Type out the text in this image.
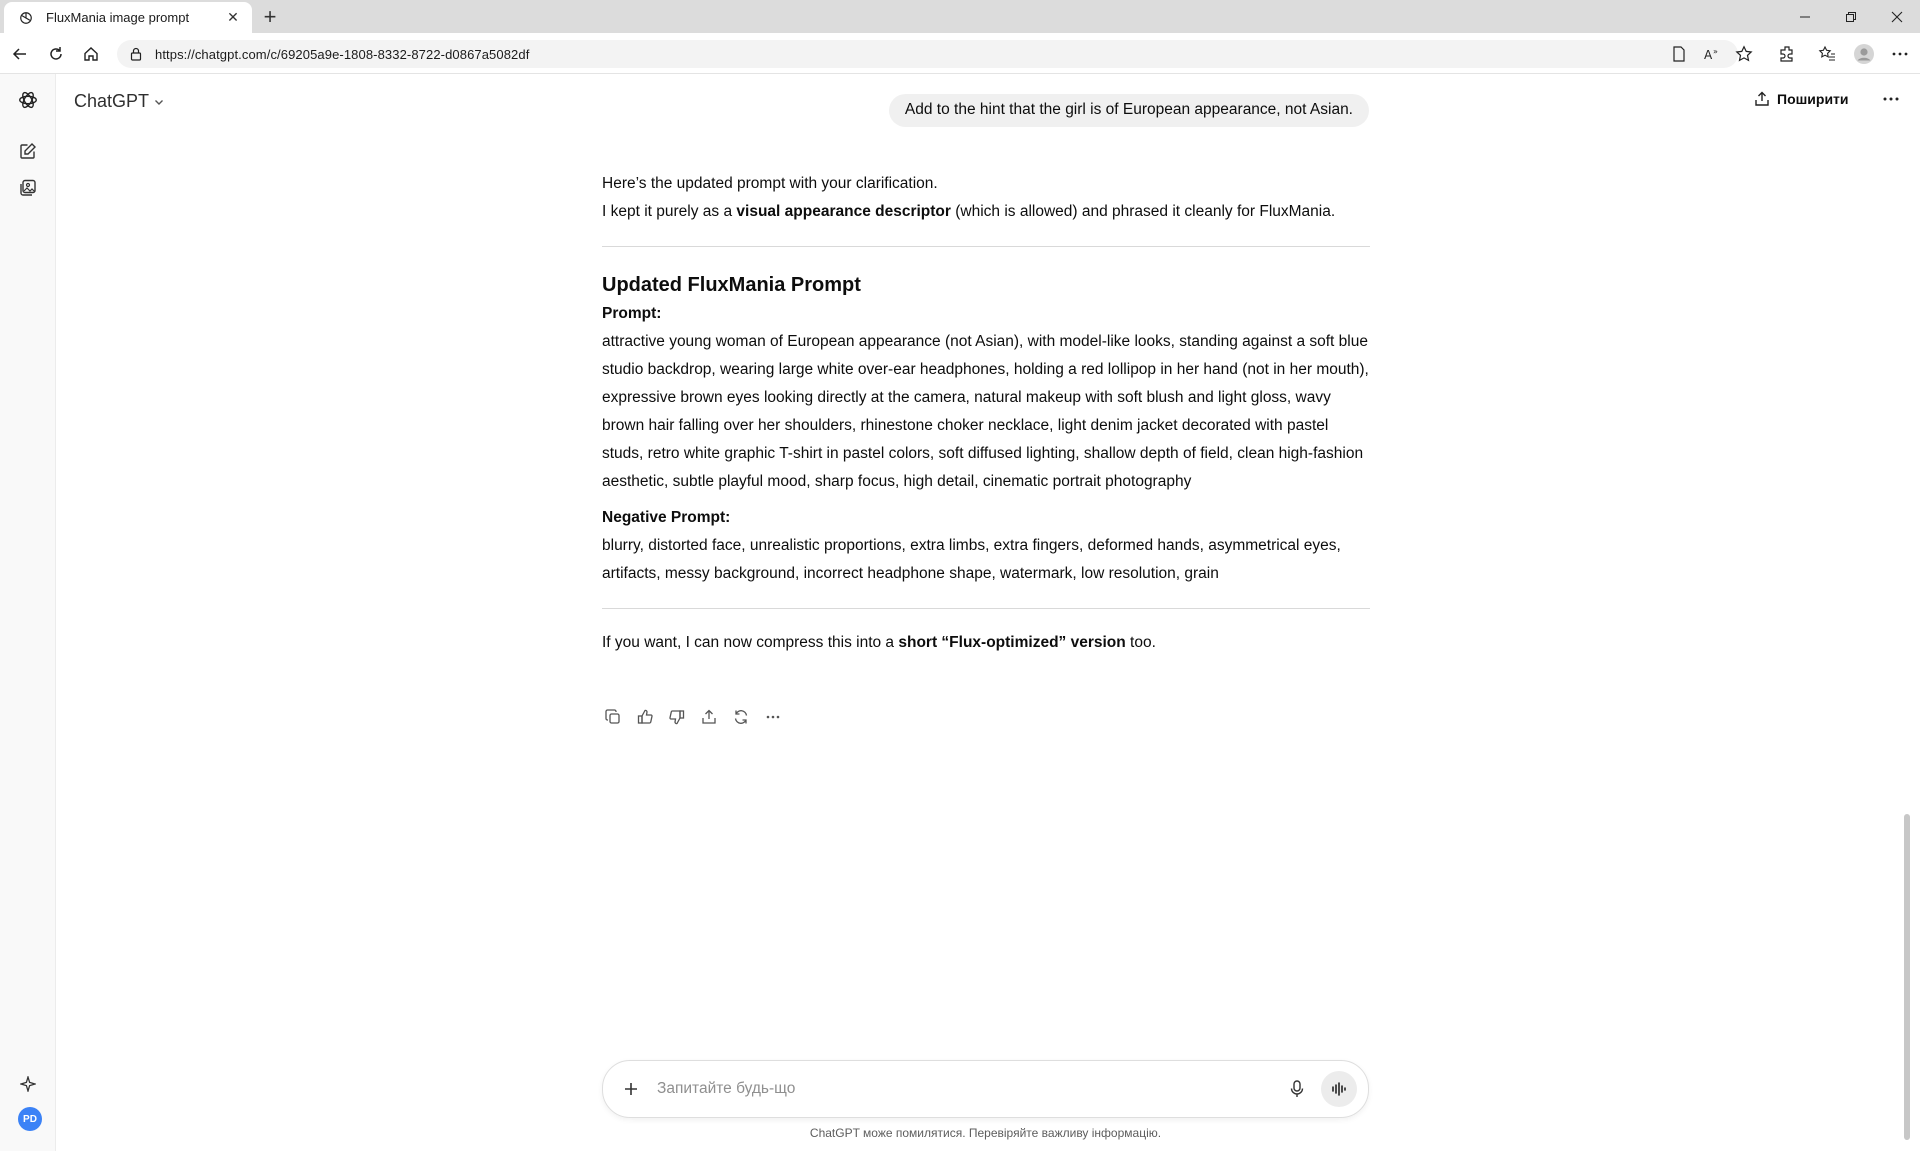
FluxMania image prompt	✕	+
https://chatgpt.com/c/69205a9e-1808-8332-8722-d0867a5082df	A »
PD
ChatGPT	Поширити
Add to the hint that the girl is of European appearance, not Asian.

Here’s the updated prompt with your clarification.

I kept it purely as a visual appearance descriptor (which is allowed) and phrased it cleanly for FluxMania.

Updated FluxMania Prompt

Prompt:

attractive young woman of European appearance (not Asian), with model-like looks, standing against a soft blue studio backdrop, wearing large white over-ear headphones, holding a red lollipop in her hand (not in her mouth), expressive brown eyes looking directly at the camera, natural makeup with soft blush and light gloss, wavy brown hair falling over her shoulders, rhinestone choker necklace, light denim jacket decorated with pastel studs, retro white graphic T-shirt in pastel colors, soft diffused lighting, shallow depth of field, clean high-fashion aesthetic, subtle playful mood, sharp focus, high detail, cinematic portrait photography

Negative Prompt:

blurry, distorted face, unrealistic proportions, extra limbs, extra fingers, deformed hands, asymmetrical eyes, artifacts, messy background, incorrect headphone shape, watermark, low resolution, grain

If you want, I can now compress this into a short “Flux-optimized” version too.

Запитайте будь-що
ChatGPT може помилятися. Перевіряйте важливу інформацію.
